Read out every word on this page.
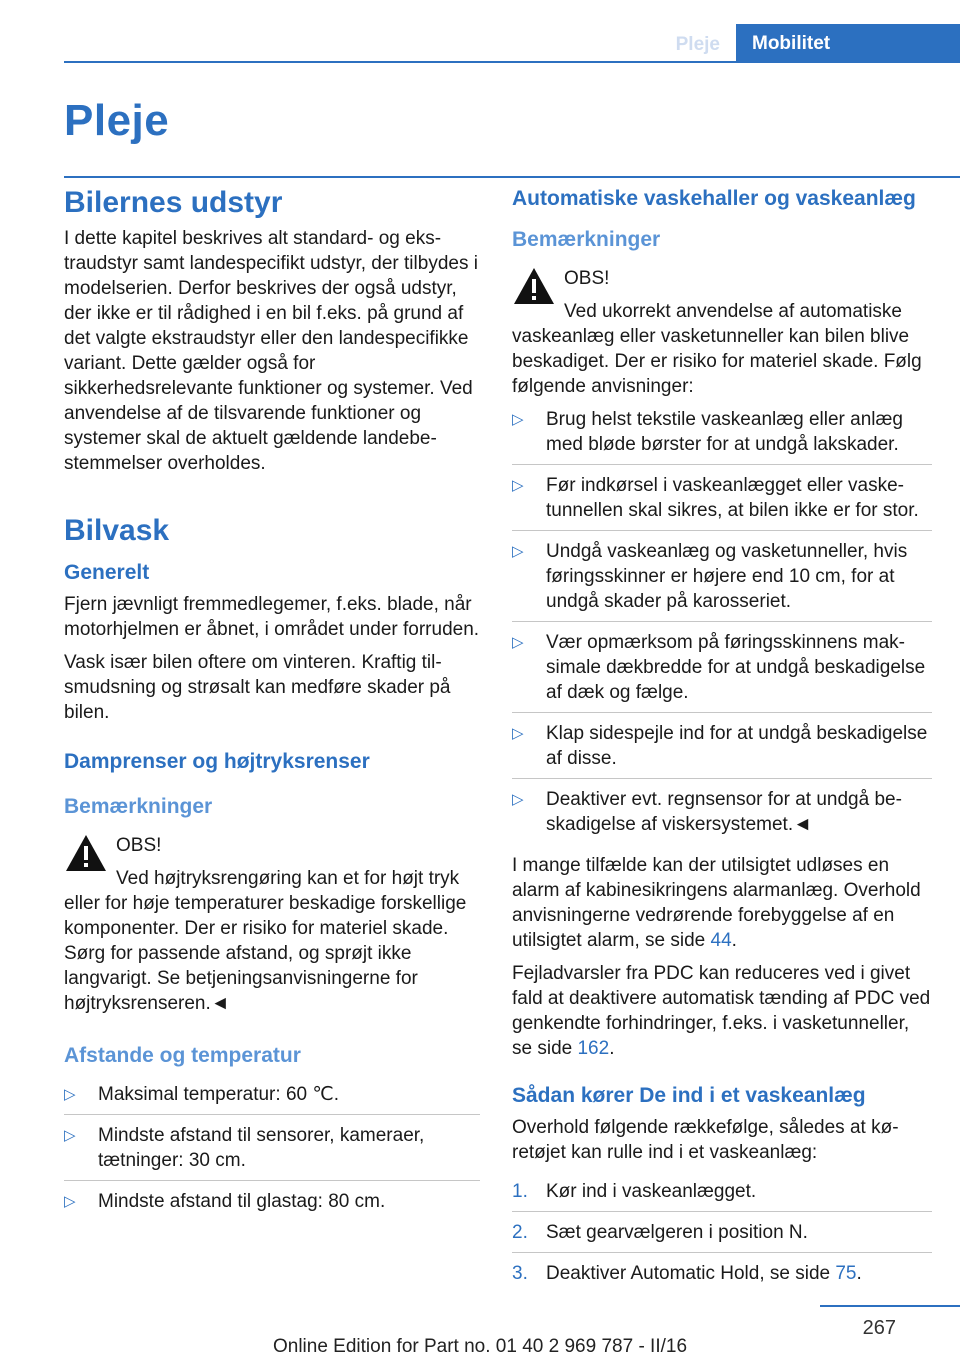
Pleje	Mobilitet
Pleje
Bilernes udstyr

I dette kapitel beskrives alt standard- og ekstraudstyr samt landespecifikt udstyr, der tilbydes i modelserien. Derfor beskrives der også udstyr, der ikke er til rådighed i en bil f.eks. på grund af det valgte ekstraudstyr eller den landespecifikke variant. Dette gælder også for sikkerhedsrelevante funktioner og systemer. Ved anvendelse af de tilsvarende funktioner og systemer skal de aktuelt gældende landebestemmelser overholdes.

Bilvask
Generelt

Fjern jævnligt fremmedlegemer, f.eks. blade, når motorhjelmen er åbnet, i området under forruden.

Vask især bilen oftere om vinteren. Kraftig tilsmudsning og strøsalt kan medføre skader på bilen.

Damprenser og højtryksrenser
Bemærkninger
OBS!
Ved højtryksrengøring kan et for højt tryk
eller for høje temperaturer beskadige forskellige komponenter. Der er risiko for materiel skade. Sørg for passende afstand, og sprøjt ikke langvarigt. Se betjeningsanvisningerne for højtryksrenseren.◄
Afstande og temperatur
▷ Maksimal temperatur: 60 ℃.
▷ Mindste afstand til sensorer, kameraer, tætninger: 30 cm.
▷ Mindste afstand til glastag: 80 cm.
Automatiske vaskehaller og vaskeanlæg
Bemærkninger
OBS!
Ved ukorrekt anvendelse af automatiske
vaskeanlæg eller vasketunneller kan bilen blive beskadiget. Der er risiko for materiel skade. Følg følgende anvisninger:
▷ Brug helst tekstile vaskeanlæg eller anlæg med bløde børster for at undgå lakskader.
▷ Før indkørsel i vaskeanlægget eller vasketunnellen skal sikres, at bilen ikke er for stor.
▷ Undgå vaskeanlæg og vasketunneller, hvis føringsskinner er højere end 10 cm, for at undgå skader på karosseriet.
▷ Vær opmærksom på føringsskinnens maksimale dækbredde for at undgå beskadigelse af dæk og fælge.
▷ Klap sidespejle ind for at undgå beskadigelse af disse.
▷ Deaktiver evt. regnsensor for at undgå beskadigelse af viskersystemet.◄

I mange tilfælde kan der utilsigtet udløses en alarm af kabinesikringens alarmanlæg. Overhold anvisningerne vedrørende forebyggelse af en utilsigtet alarm, se side 44.

Fejladvarsler fra PDC kan reduceres ved i givet fald at deaktivere automatisk tænding af PDC ved genkendte forhindringer, f.eks. i vasketunneller, se side 162.

Sådan kører De ind i et vaskeanlæg

Overhold følgende rækkefølge, således at køretøjet kan rulle ind i et vaskeanlæg:

1. Kør ind i vaskeanlægget.
2. Sæt gearvælgeren i position N.
3. Deaktiver Automatic Hold, se side 75.
267
Online Edition for Part no. 01 40 2 969 787 - II/16
